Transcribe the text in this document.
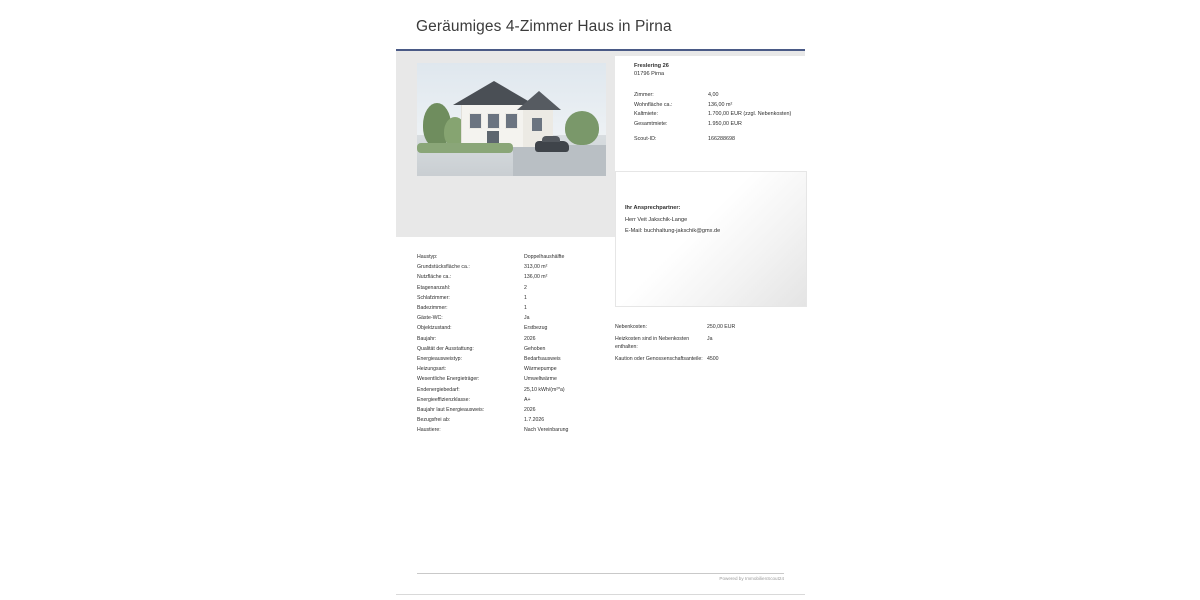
Geräumiges 4-Zimmer Haus in Pirna
Freslering 26
01796 Pirna
Zimmer:	4,00
Wohnfläche ca.:	136,00 m²
Kaltmiete:	1.700,00 EUR (zzgl. Nebenkosten)
Gesamtmiete:	1.950,00 EUR
Scout-ID:	166288698
Ihr Ansprechpartner:
Herr Veit Jakschik-Lange
E-Mail: buchhaltung-jakschik@gmx.de
Haustyp:	Doppelhaushälfte
Grundstücksfläche ca.:	313,00 m²
Nutzfläche ca.:	136,00 m²
Etagenanzahl:	2
Schlafzimmer:	1
Badezimmer:	1
Gäste-WC:	Ja
Objektzustand:	Erstbezug
Baujahr:	2026
Qualität der Ausstattung:	Gehoben
Energieausweistyp:	Bedarfsausweis
Heizungsart:	Wärmepumpe
Wesentliche Energieträger:	Umweltwärme
Endenergiebedarf:	25,10 kWh/(m²*a)
Energieeffizienzklasse:	A+
Baujahr laut Energieausweis:	2026
Bezugsfrei ab:	1.7.2026
Haustiere:	Nach Vereinbarung
Nebenkosten:	250,00 EUR
Heizkosten sind in Nebenkosten enthalten:
Ja
Kaution oder Genossenschaftsanteile: 4500
Powered by ImmobilienScout24
